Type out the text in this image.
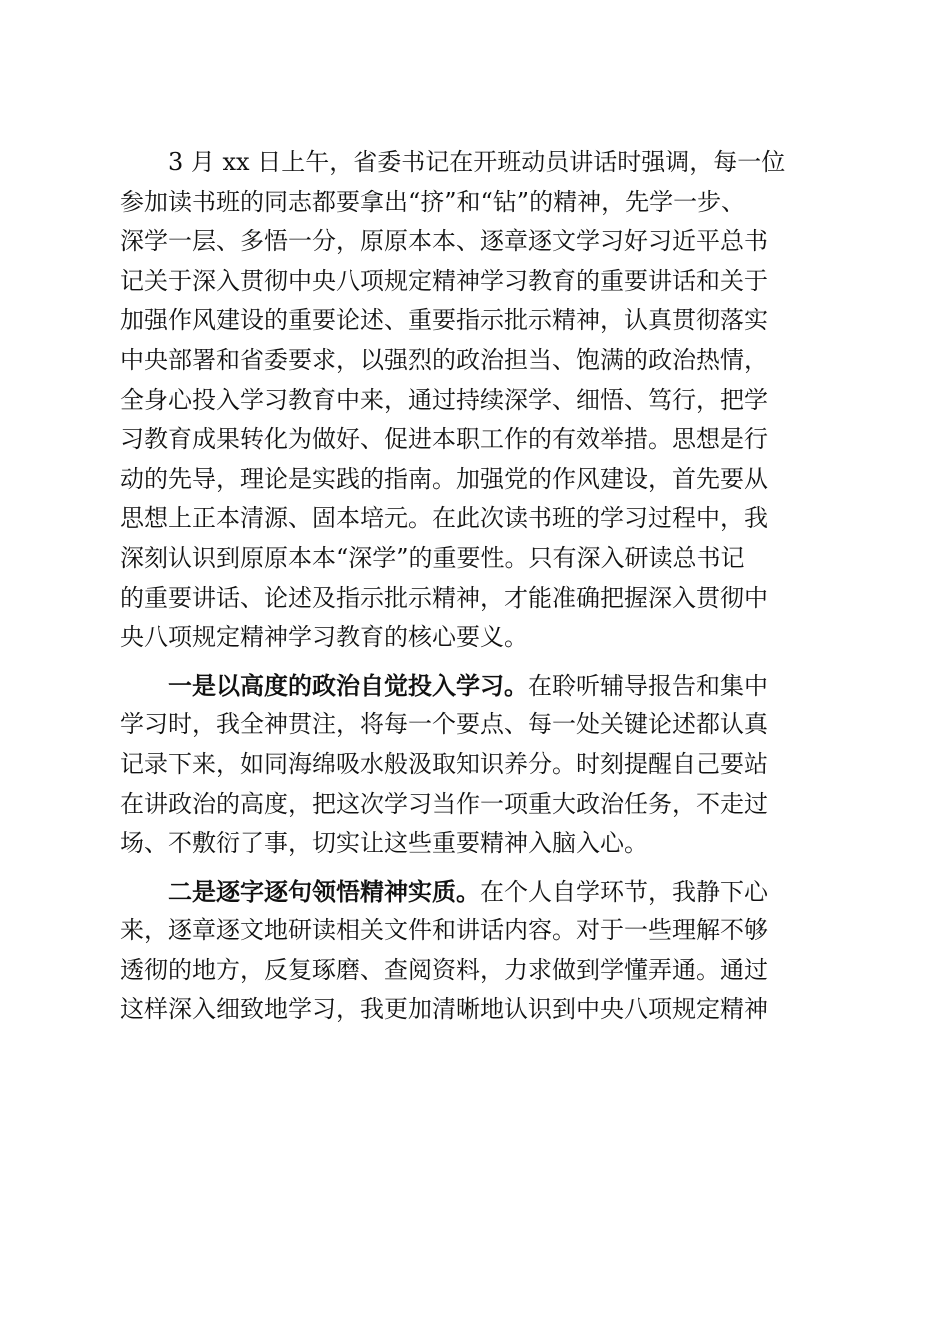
3 月 xx 日上午，省委书记在开班动员讲话时强调，每一位
参加读书班的同志都要拿出“挤”和“钻”的精神，先学一步、
深学一层、多悟一分，原原本本、逐章逐文学习好习近平总书
记关于深入贯彻中央八项规定精神学习教育的重要讲话和关于
加强作风建设的重要论述、重要指示批示精神，认真贯彻落实
中央部署和省委要求，以强烈的政治担当、饱满的政治热情，
全身心投入学习教育中来，通过持续深学、细悟、笃行，把学
习教育成果转化为做好、促进本职工作的有效举措。思想是行
动的先导，理论是实践的指南。加强党的作风建设，首先要从
思想上正本清源、固本培元。在此次读书班的学习过程中，我
深刻认识到原原本本“深学”的重要性。只有深入研读总书记
的重要讲话、论述及指示批示精神，才能准确把握深入贯彻中
央八项规定精神学习教育的核心要义。
一是以高度的政治自觉投入学习。在聆听辅导报告和集中
学习时，我全神贯注，将每一个要点、每一处关键论述都认真
记录下来，如同海绵吸水般汲取知识养分。时刻提醒自己要站
在讲政治的高度，把这次学习当作一项重大政治任务，不走过
场、不敷衍了事，切实让这些重要精神入脑入心。
二是逐字逐句领悟精神实质。在个人自学环节，我静下心
来，逐章逐文地研读相关文件和讲话内容。对于一些理解不够
透彻的地方，反复琢磨、查阅资料，力求做到学懂弄通。通过
这样深入细致地学习，我更加清晰地认识到中央八项规定精神
